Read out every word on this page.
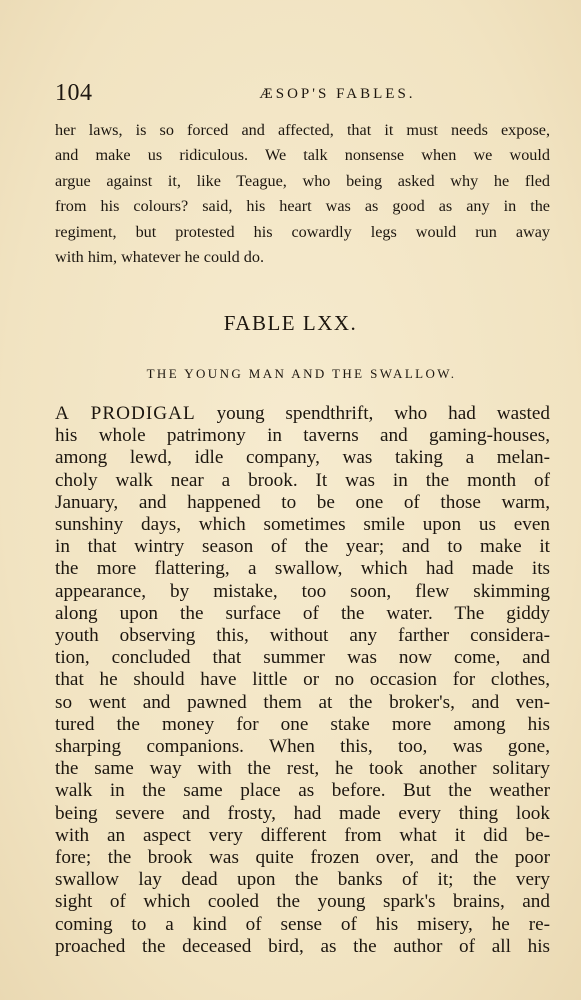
104	ÆSOP'S FABLES.
her laws, is so forced and affected, that it must needs expose,
and make us ridiculous. We talk nonsense when we would
argue against it, like Teague, who being asked why he fled
from his colours? said, his heart was as good as any in the
regiment, but protested his cowardly legs would run away
with him, whatever he could do.
FABLE LXX.
THE YOUNG MAN AND THE SWALLOW.
A PRODIGAL young spendthrift, who had wasted
his whole patrimony in taverns and gaming-houses,
among lewd, idle company, was taking a melan-
choly walk near a brook. It was in the month of
January, and happened to be one of those warm,
sunshiny days, which sometimes smile upon us even
in that wintry season of the year; and to make it
the more flattering, a swallow, which had made its
appearance, by mistake, too soon, flew skimming
along upon the surface of the water. The giddy
youth observing this, without any farther considera-
tion, concluded that summer was now come, and
that he should have little or no occasion for clothes,
so went and pawned them at the broker's, and ven-
tured the money for one stake more among his
sharping companions. When this, too, was gone,
the same way with the rest, he took another solitary
walk in the same place as before. But the weather
being severe and frosty, had made every thing look
with an aspect very different from what it did be-
fore; the brook was quite frozen over, and the poor
swallow lay dead upon the banks of it; the very
sight of which cooled the young spark's brains, and
coming to a kind of sense of his misery, he re-
proached the deceased bird, as the author of all his
